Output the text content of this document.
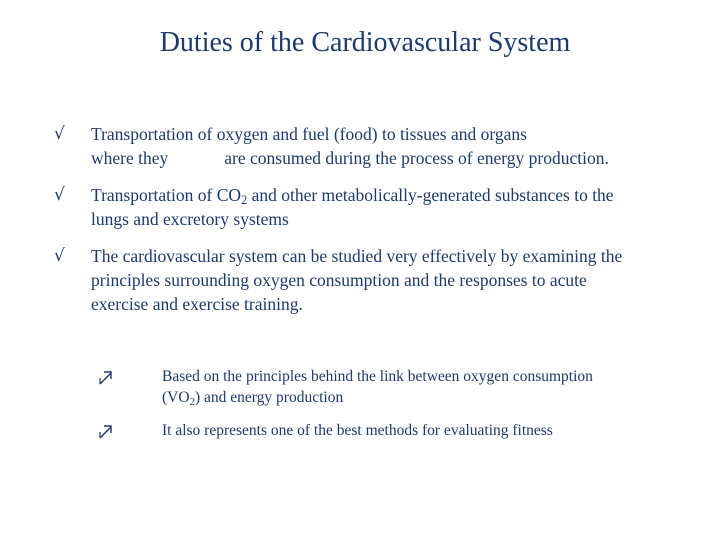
Duties of the Cardiovascular System
√	Transportation of oxygen and fuel (food) to tissues and organs
where they	are consumed during the process of energy production.
√	Transportation of $CO_2$ and other metabolically-generated substances to the
lungs and excretory systems
√	The cardiovascular system can be studied very effectively by examining the
principles surrounding oxygen consumption and the responses to acute
exercise and exercise training.
Based on the principles behind the link between oxygen consumption
$(VO_2)$ and energy production
It also represents one of the best methods for evaluating fitness
